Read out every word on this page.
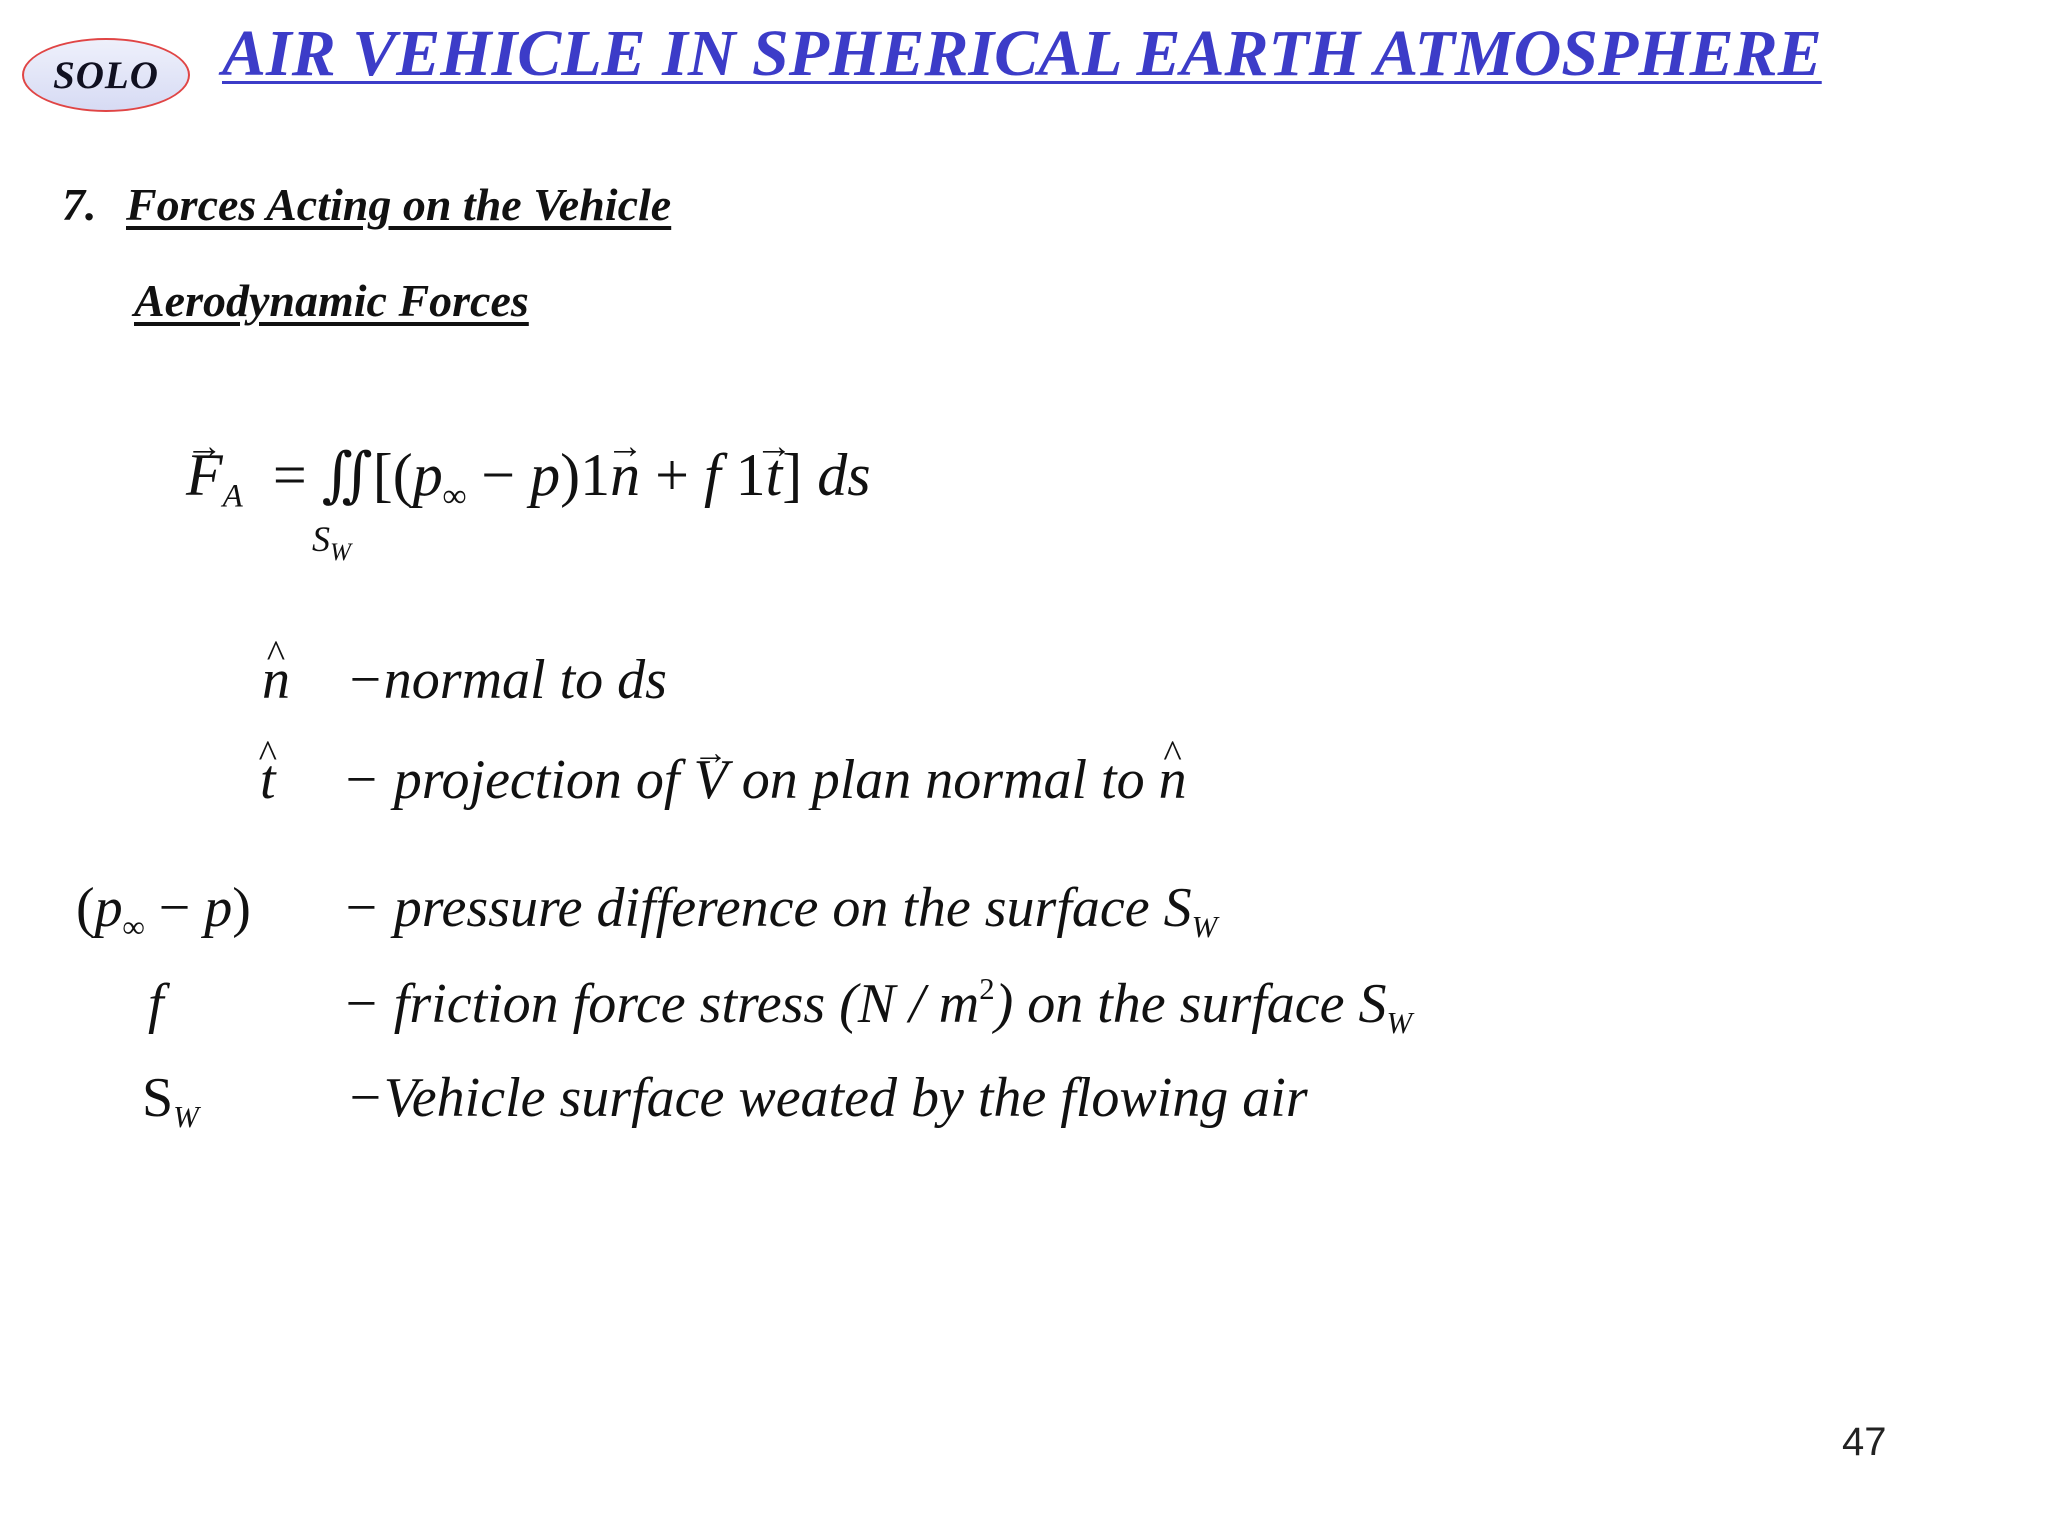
SOLO AIR VEHICLE IN SPHERICAL EARTH ATMOSPHERE
7. Forces Acting on the Vehicle
Aerodynamic Forces
→ $F_A$  = $∬[(p_\infty - p)1\to n + f$ 1→ t] ds
$S_W$
^ n −normal to ds
^ t − projection of → V on plan normal to ^ n
$(p_\infty - p)$ − pressure difference on the surface $S_W$
f	− friction force stress $(N / m^2)$ on the surface $S_W$
$S_W$	−Vehicle surface weated by the flowing air
47
